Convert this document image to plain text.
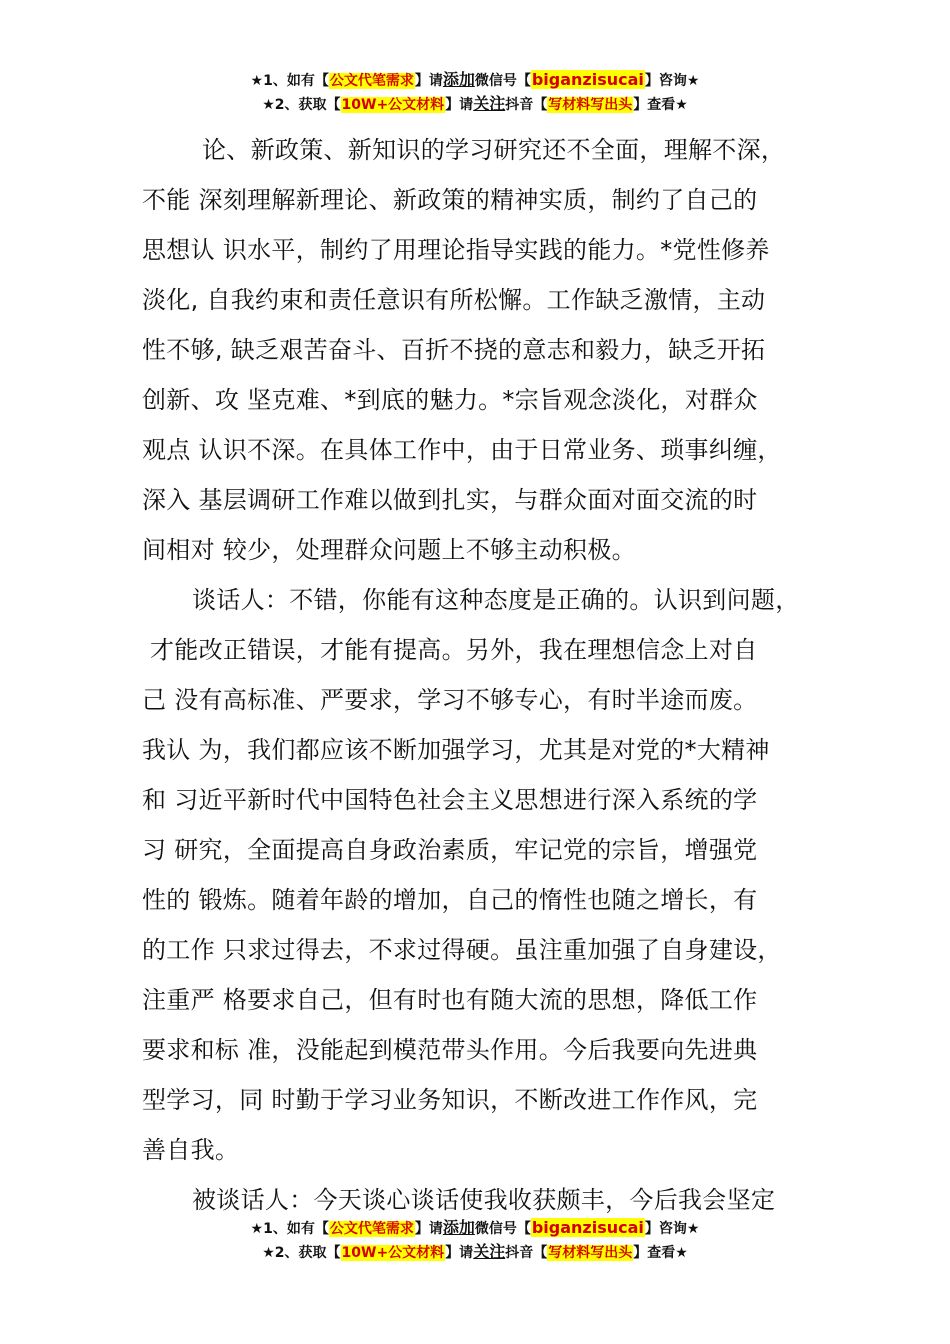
★1、如有【公文代笔需求】请添加微信号【biganzisucai】咨询★
★2、获取【10W+公文材料】请关注抖音【写材料写出头】查看★
论、新政策、新知识的学习研究还不全面，理解不深，
不能 深刻理解新理论、新政策的精神实质，制约了自己的
思想认 识水平，制约了用理论指导实践的能力。*党性修养
淡化, 自我约束和责任意识有所松懈。工作缺乏激情，主动
性不够, 缺乏艰苦奋斗、百折不挠的意志和毅力，缺乏开拓
创新、攻 坚克难、*到底的魅力。*宗旨观念淡化，对群众
观点 认识不深。在具体工作中，由于日常业务、琐事纠缠，
深入 基层调研工作难以做到扎实，与群众面对面交流的时
间相对 较少，处理群众问题上不够主动积极。
谈话人：不错，你能有这种态度是正确的。认识到问题，
才能改正错误，才能有提高。另外，我在理想信念上对自
己 没有高标准、严要求，学习不够专心，有时半途而废。
我认 为，我们都应该不断加强学习，尤其是对党的*大精神
和 习近平新时代中国特色社会主义思想进行深入系统的学
习 研究，全面提高自身政治素质，牢记党的宗旨，增强党
性的 锻炼。随着年龄的增加，自己的惰性也随之增长，有
的工作 只求过得去，不求过得硬。虽注重加强了自身建设，
注重严 格要求自己，但有时也有随大流的思想，降低工作
要求和标 准，没能起到模范带头作用。今后我要向先进典
型学习，同 时勤于学习业务知识，不断改进工作作风，完
善自我。
被谈话人：今天谈心谈话使我收获颇丰，今后我会坚定
★1、如有【公文代笔需求】请添加微信号【biganzisucai】咨询★
★2、获取【10W+公文材料】请关注抖音【写材料写出头】查看★
